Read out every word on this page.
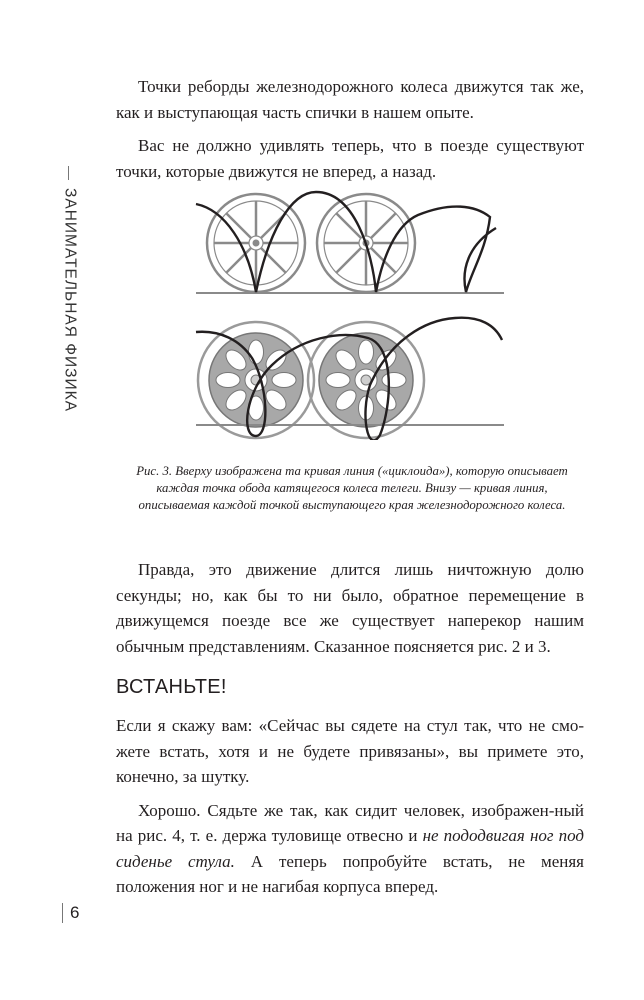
ЗАНИМАТЕЛЬНАЯ ФИЗИКА

Точки реборды железнодорожного колеса движутся так же, как и выступающая часть спички в нашем опыте.

Вас не должно удивлять теперь, что в поезде существуют точки, которые движутся не вперед, а назад.

Рис. 3. Вверху изображена та кривая линия («циклоида»), которую описывает каждая точка обода катящегося колеса телеги. Внизу — кривая линия, описываемая каждой точкой выступающего края железнодорожного колеса.

Правда, это движение длится лишь ничтожную долю секунды; но, как бы то ни было, обратное перемещение в движущемся поезде все же существует наперекор нашим обычным представлениям. Сказанное поясняется рис. 2 и 3.

ВСТАНЬТЕ!

Если я скажу вам: «Сейчас вы сядете на стул так, что не смо-жете встать, хотя и не будете привязаны», вы примете это, конечно, за шутку.

Хорошо. Сядьте же так, как сидит человек, изображен-ный на рис. 4, т. е. держа туловище отвесно и не пододвигая ног под сиденье стула. А теперь попробуйте встать, не меняя положения ног и не нагибая корпуса вперед.

6
